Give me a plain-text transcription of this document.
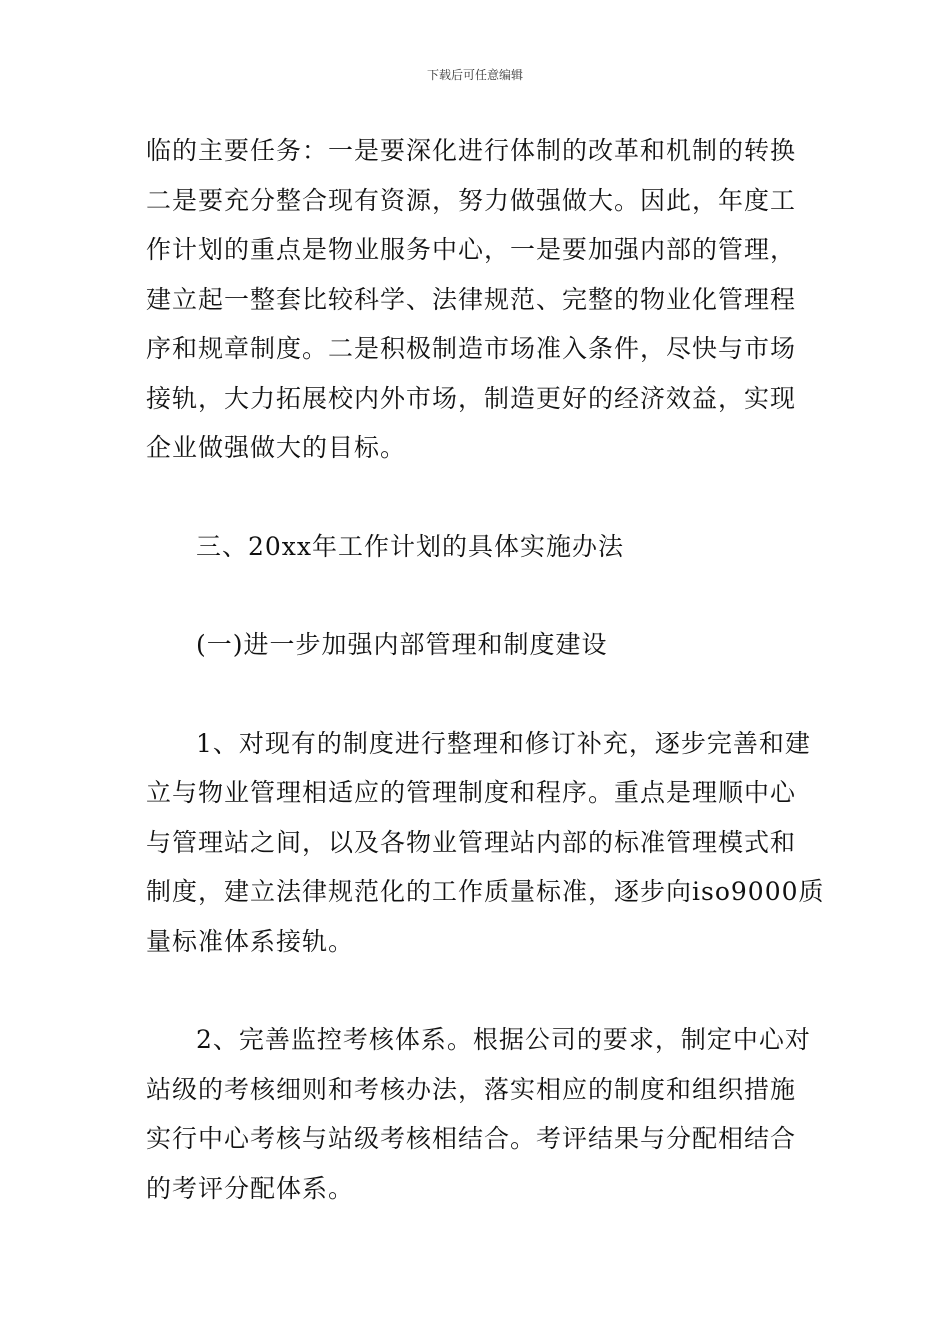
下载后可任意编辑

临的主要任务：一是要深化进行体制的改革和机制的转换
二是要充分整合现有资源，努力做强做大。因此，年度工
作计划的重点是物业服务中心，一是要加强内部的管理，
建立起一整套比较科学、法律规范、完整的物业化管理程
序和规章制度。二是积极制造市场准入条件，尽快与市场
接轨，大力拓展校内外市场，制造更好的经济效益，实现
企业做强做大的目标。

三、20xx年工作计划的具体实施办法

(一)进一步加强内部管理和制度建设

1、对现有的制度进行整理和修订补充，逐步完善和建
立与物业管理相适应的管理制度和程序。重点是理顺中心
与管理站之间，以及各物业管理站内部的标准管理模式和
制度，建立法律规范化的工作质量标准，逐步向iso9000质
量标准体系接轨。

2、完善监控考核体系。根据公司的要求，制定中心对
站级的考核细则和考核办法，落实相应的制度和组织措施
实行中心考核与站级考核相结合。考评结果与分配相结合
的考评分配体系。
